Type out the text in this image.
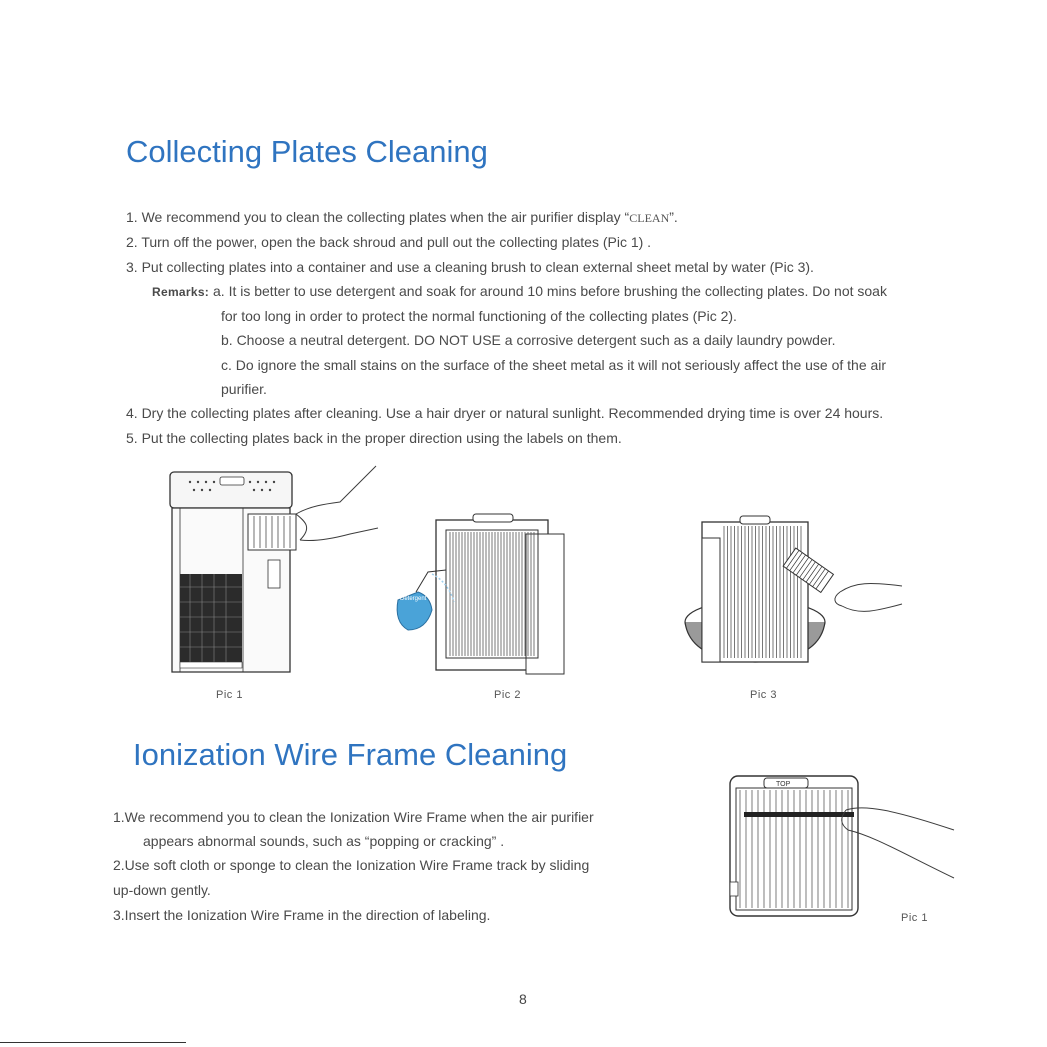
Collecting Plates Cleaning
1. We recommend you to clean the collecting plates when the air purifier display “CLEAN”.
2. Turn off the power, open the back shroud and pull out the collecting plates (Pic 1) .
3. Put collecting plates into a container and use a cleaning brush to clean external sheet metal by water (Pic 3).
Remarks: a. It is better to use detergent and soak for around 10 mins before brushing the collecting plates. Do not soak
for too long in order to protect the normal functioning of the collecting plates (Pic 2).
b. Choose a neutral detergent. DO NOT USE a corrosive detergent such as a daily laundry powder.
c. Do ignore the small stains on the surface of the sheet metal as it will not seriously affect the use of the air
purifier.
4. Dry the collecting plates after cleaning. Use a hair dryer or natural sunlight. Recommended drying time is over 24 hours.
5. Put the collecting plates back in the proper direction using the labels on them.
Pic 1
Detergent
Pic 2	Pic 3
Ionization Wire Frame Cleaning
1.We recommend you to clean the Ionization Wire Frame when the air purifier
appears abnormal sounds, such as “popping or cracking” .
2.Use soft cloth or sponge to clean the Ionization Wire Frame track by sliding
up-down gently.
3.Insert the Ionization Wire Frame in the direction of labeling.
TOP
Pic 1
8
